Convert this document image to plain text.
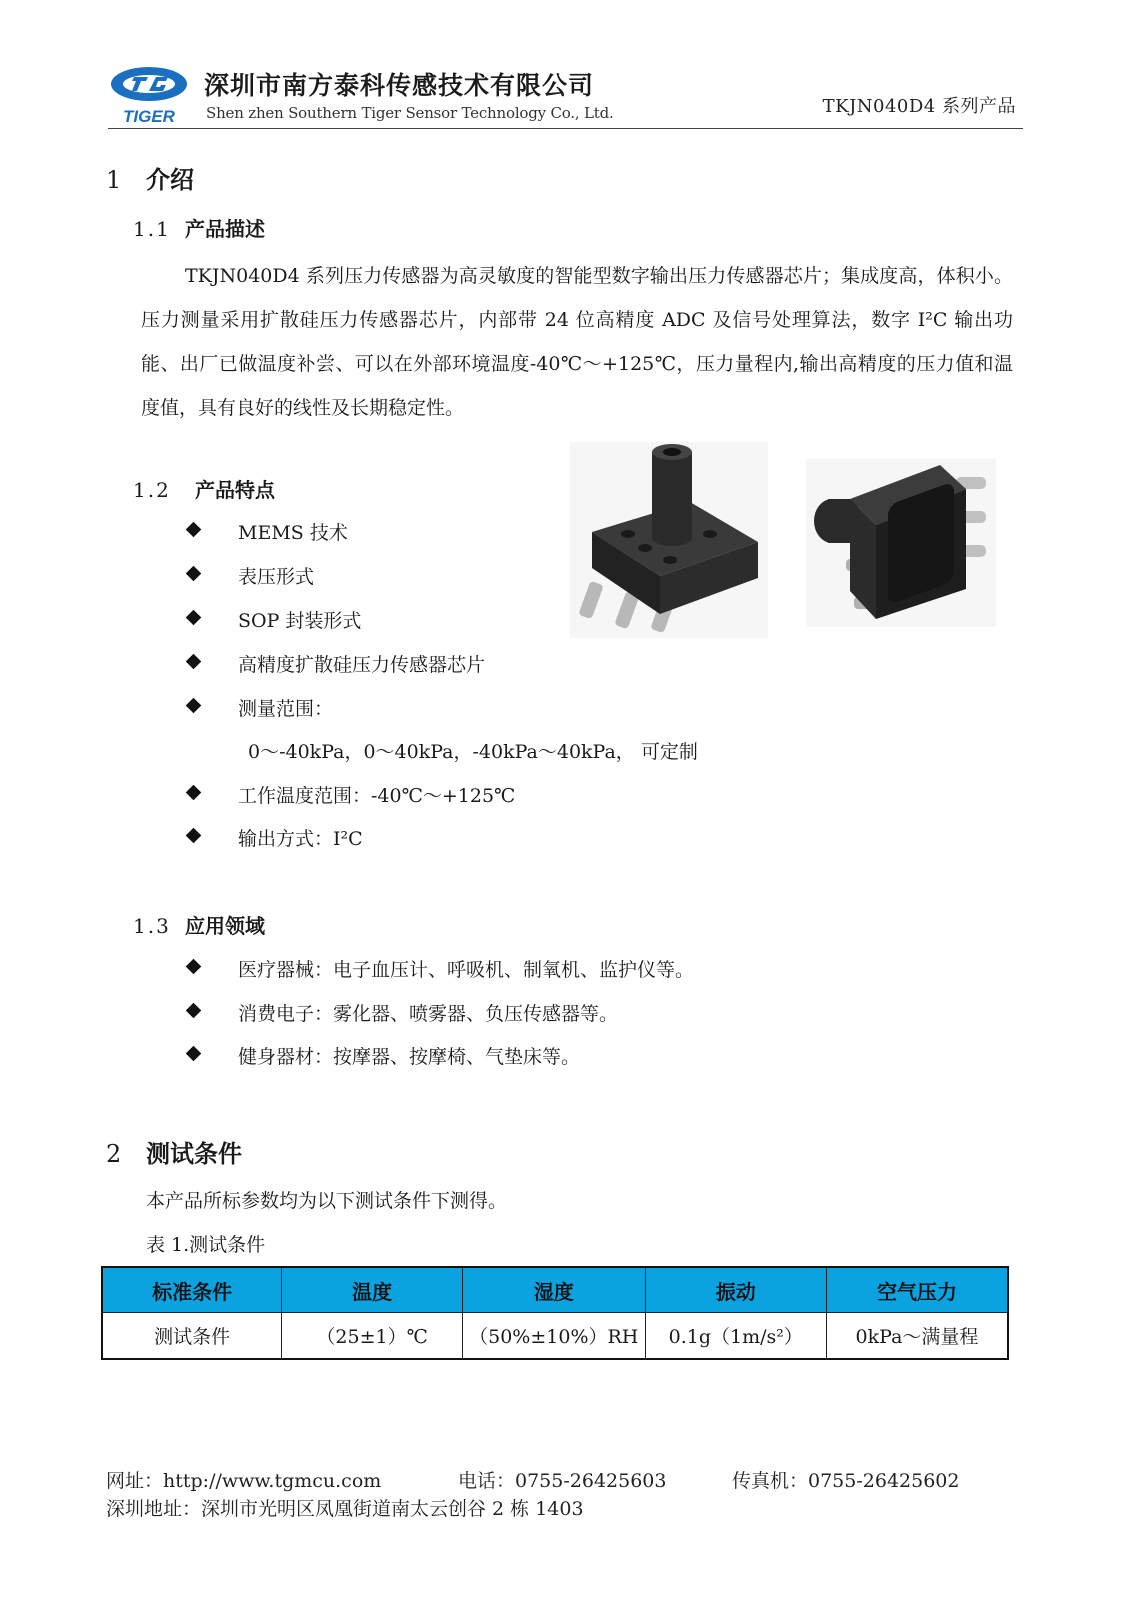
TIGER
深圳市南方泰科传感技术有限公司
Shen zhen Southern Tiger Sensor Technology Co., Ltd.	TKJN040D4 系列产品
1 介绍
1.1 产品描述

TKJN040D4 系列压力传感器为高灵敏度的智能型数字输出压力传感器芯片；集成度高，体积小。压力测量采用扩散硅压力传感器芯片，内部带 24 位高精度 ADC 及信号处理算法，数字 I²C 输出功能、出厂已做温度补尝、可以在外部环境温度-40℃～+125℃，压力量程内,输出高精度的压力值和温度值，具有良好的线性及长期稳定性。

1.2 产品特点
MEMS 技术
表压形式
SOP 封装形式
高精度扩散硅压力传感器芯片
测量范围：
0～-40kPa，0～40kPa，-40kPa～40kPa， 可定制
工作温度范围：-40℃～+125℃
输出方式：I²C
1.3 应用领域
医疗器械：电子血压计、呼吸机、制氧机、监护仪等。
消费电子：雾化器、喷雾器、负压传感器等。
健身器材：按摩器、按摩椅、气垫床等。
2 测试条件
本产品所标参数均为以下测试条件下测得。
表 1.测试条件
标准条件	温度	湿度	振动	空气压力
测试条件	（25±1）℃	（50%±10%）RH	0.1g（1m/s²）	0kPa～满量程
网址：http://www.tgmcu.com	电话：0755-26425603	传真机：0755-26425602
深圳地址：深圳市光明区凤凰街道南太云创谷 2 栋 1403
